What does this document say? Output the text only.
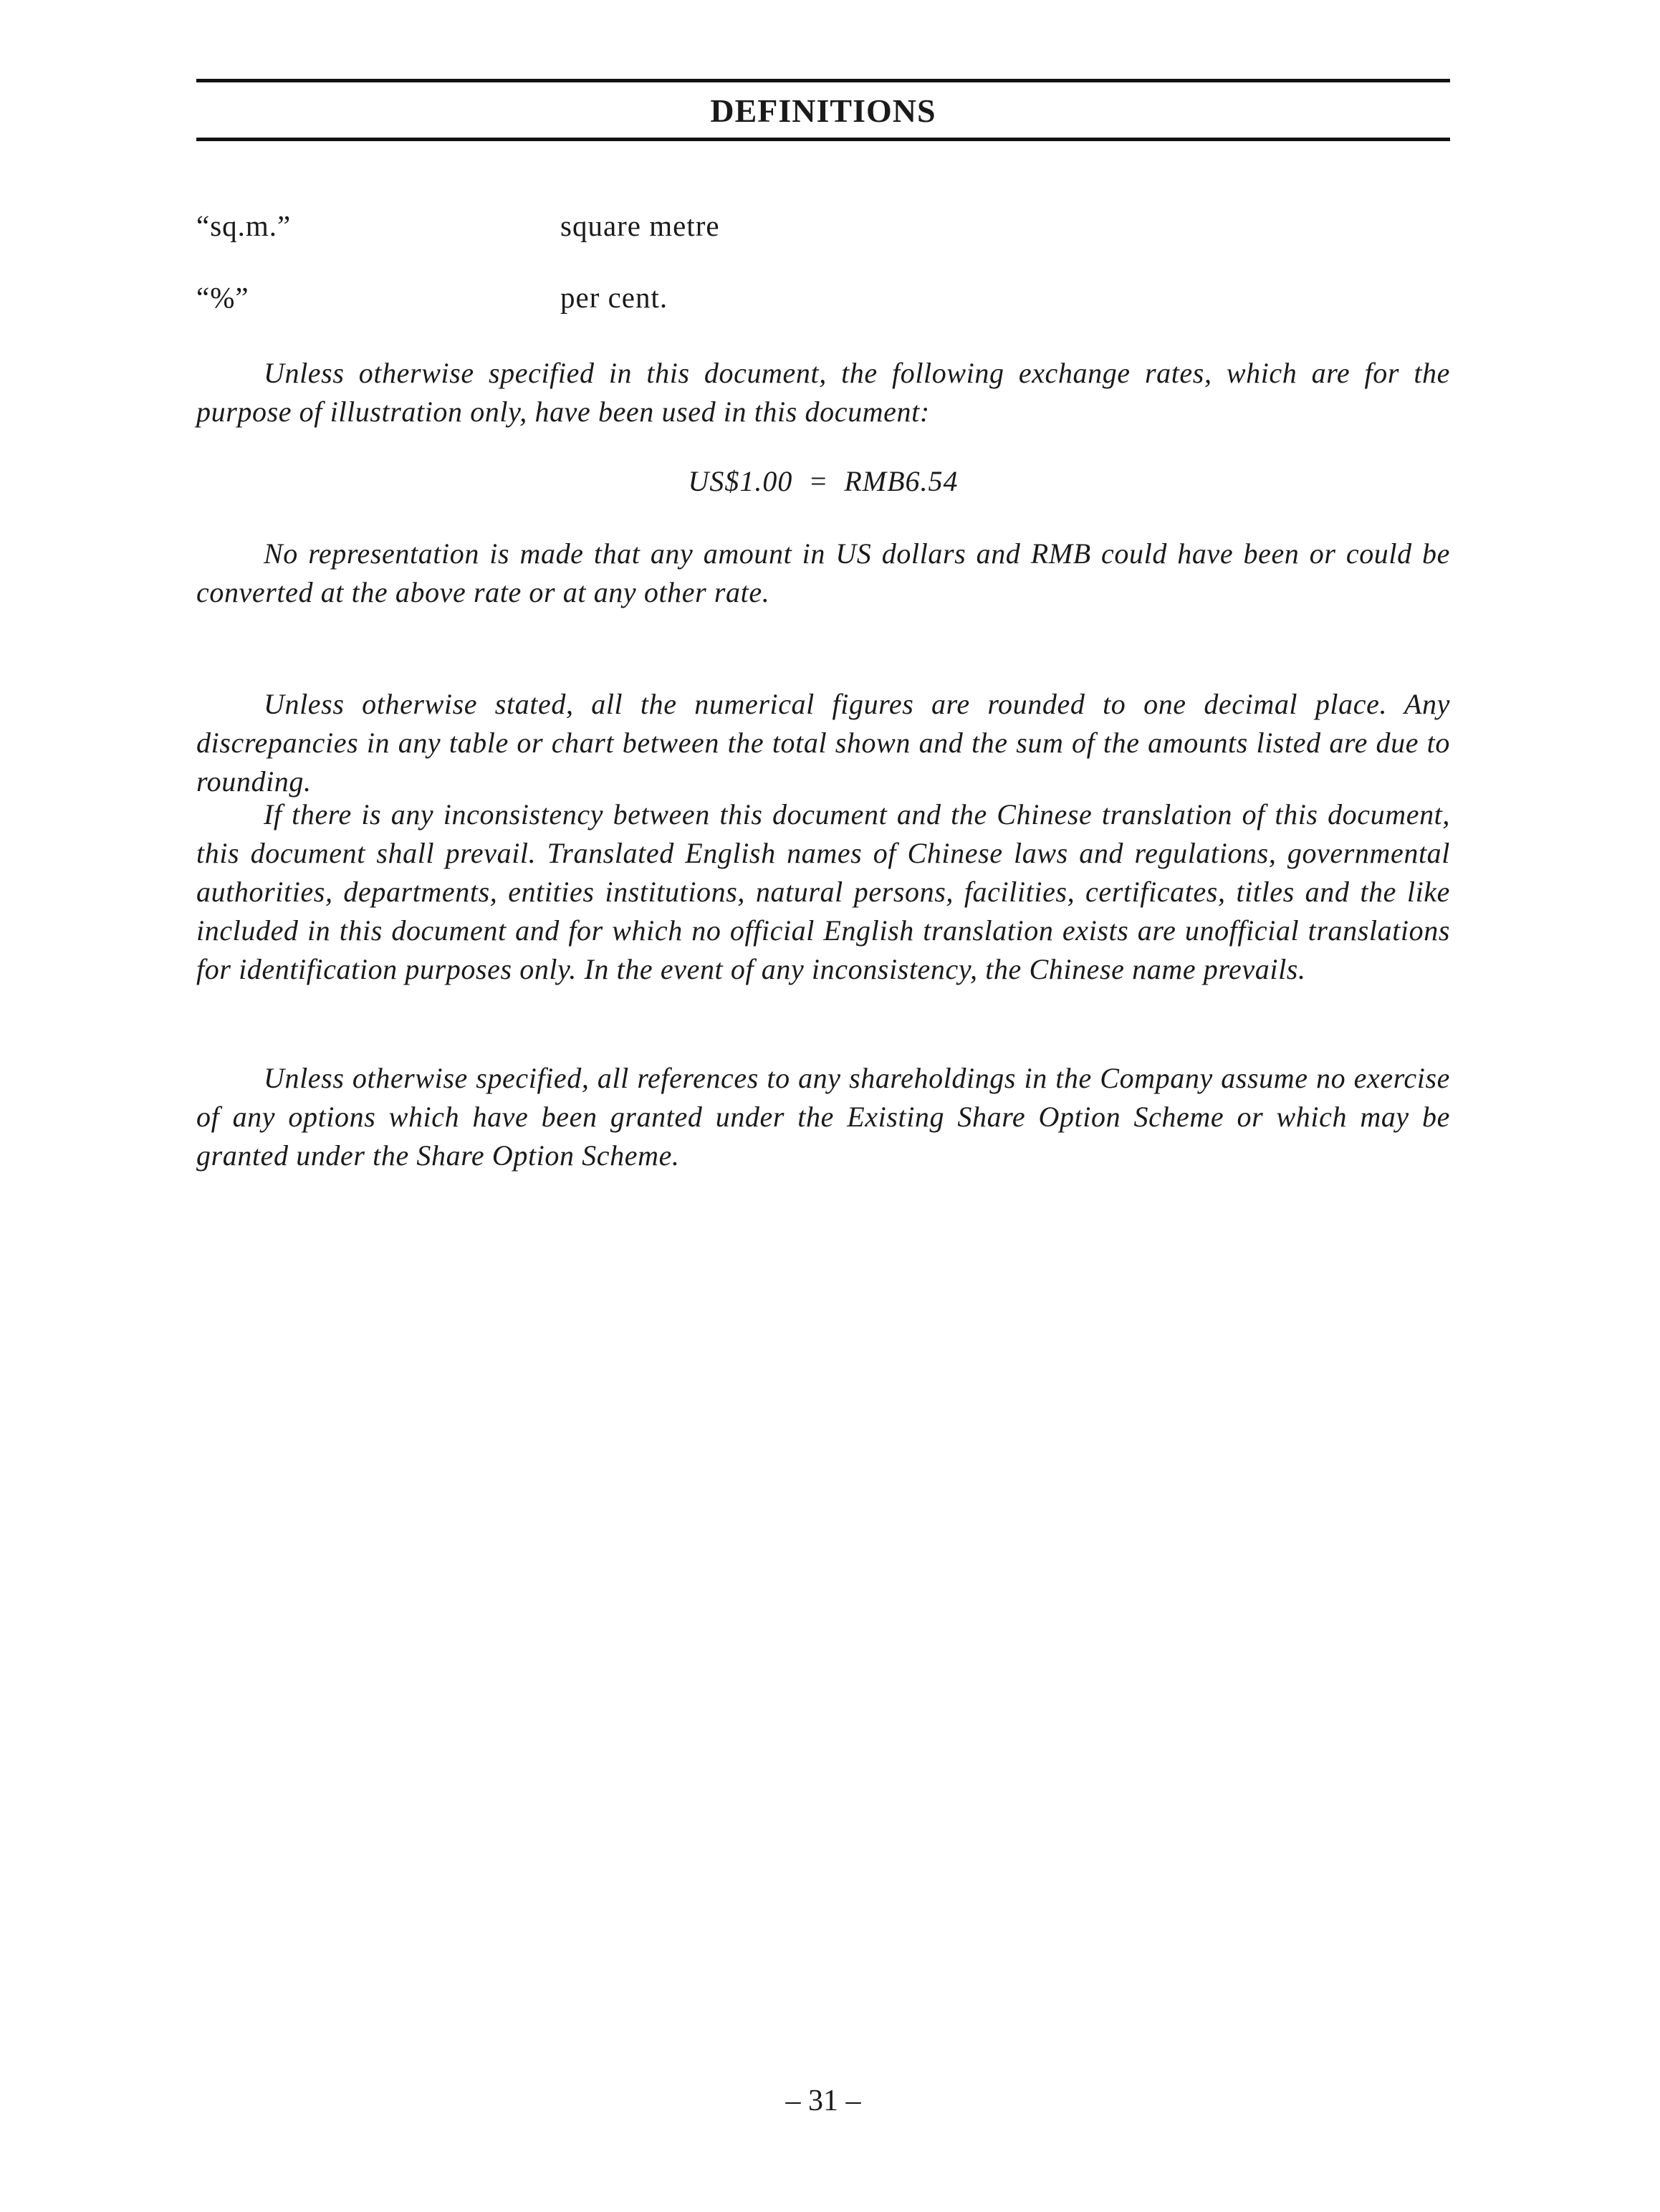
DEFINITIONS
“sq.m.”	square metre
“%”	per cent.

Unless otherwise specified in this document, the following exchange rates, which are for the purpose of illustration only, have been used in this document:

US$1.00  =  RMB6.54

No representation is made that any amount in US dollars and RMB could have been or could be converted at the above rate or at any other rate.

Unless otherwise stated, all the numerical figures are rounded to one decimal place. Any discrepancies in any table or chart between the total shown and the sum of the amounts listed are due to rounding.

If there is any inconsistency between this document and the Chinese translation of this document, this document shall prevail. Translated English names of Chinese laws and regulations, governmental authorities, departments, entities institutions, natural persons, facilities, certificates, titles and the like included in this document and for which no official English translation exists are unofficial translations for identification purposes only. In the event of any inconsistency, the Chinese name prevails.

Unless otherwise specified, all references to any shareholdings in the Company assume no exercise of any options which have been granted under the Existing Share Option Scheme or which may be granted under the Share Option Scheme.

– 31 –
